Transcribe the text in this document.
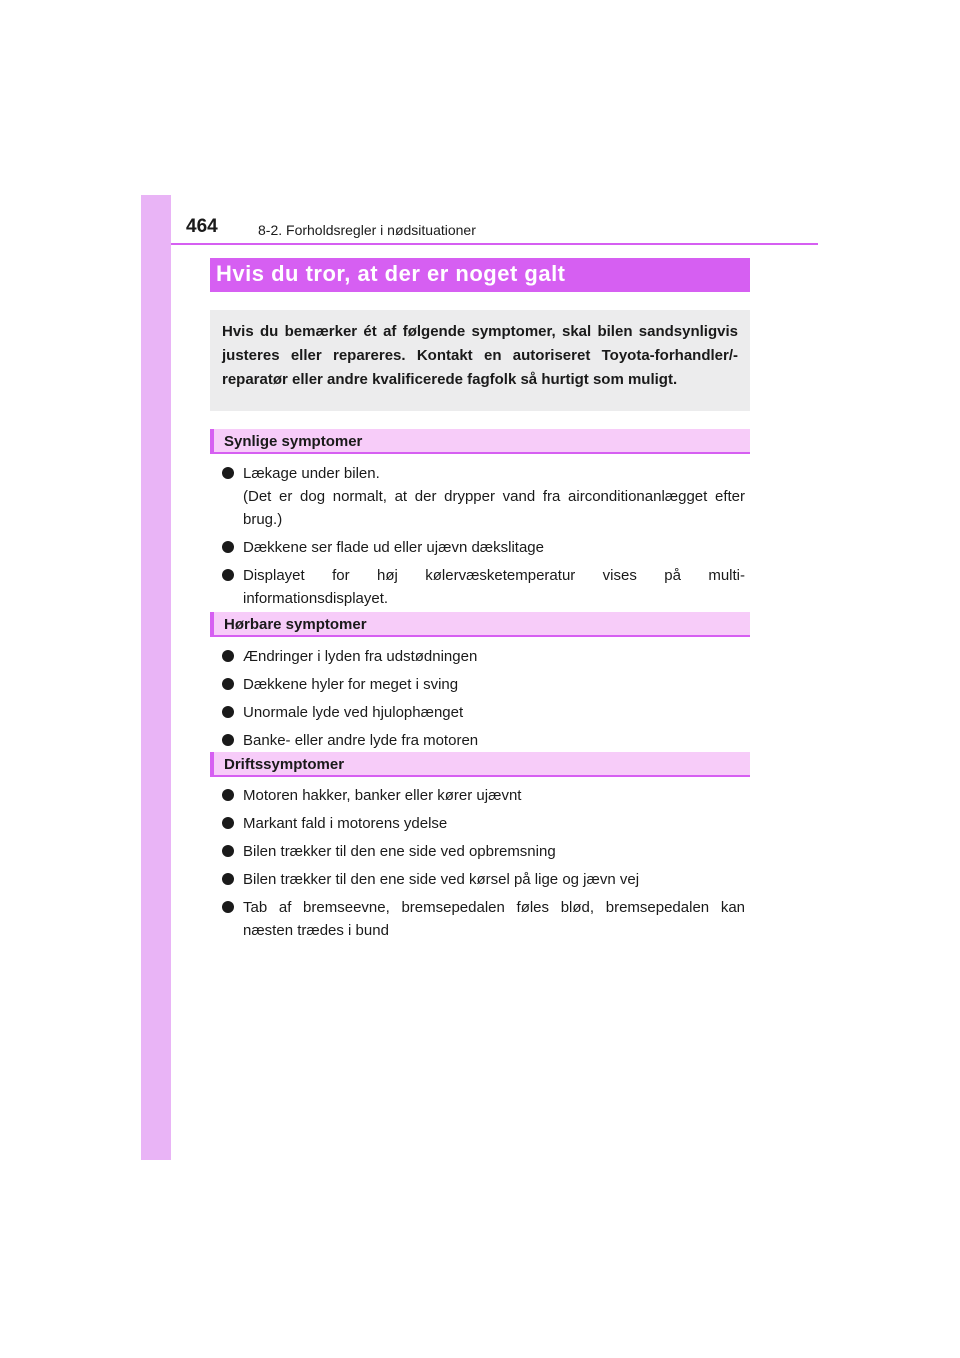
464	8-2. Forholdsregler i nødsituationer
Hvis du tror, at der er noget galt

Hvis du bemærker ét af følgende symptomer, skal bilen sandsynligvis justeres eller repareres. Kontakt en autoriseret Toyota-forhandler/-reparatør eller andre kvalificerede fagfolk så hurtigt som muligt.

Synlige symptomer
Lækage under bilen.
(Det er dog normalt, at der drypper vand fra airconditionanlægget efter brug.)
Dækkene ser flade ud eller ujævn dækslitage
Displayet for høj kølervæsketemperatur vises på multi-informationsdisplayet.
Hørbare symptomer
Ændringer i lyden fra udstødningen
Dækkene hyler for meget i sving
Unormale lyde ved hjulophænget
Banke- eller andre lyde fra motoren
Driftssymptomer
Motoren hakker, banker eller kører ujævnt
Markant fald i motorens ydelse
Bilen trækker til den ene side ved opbremsning
Bilen trækker til den ene side ved kørsel på lige og jævn vej
Tab af bremseevne, bremsepedalen føles blød, bremsepedalen kan næsten trædes i bund
